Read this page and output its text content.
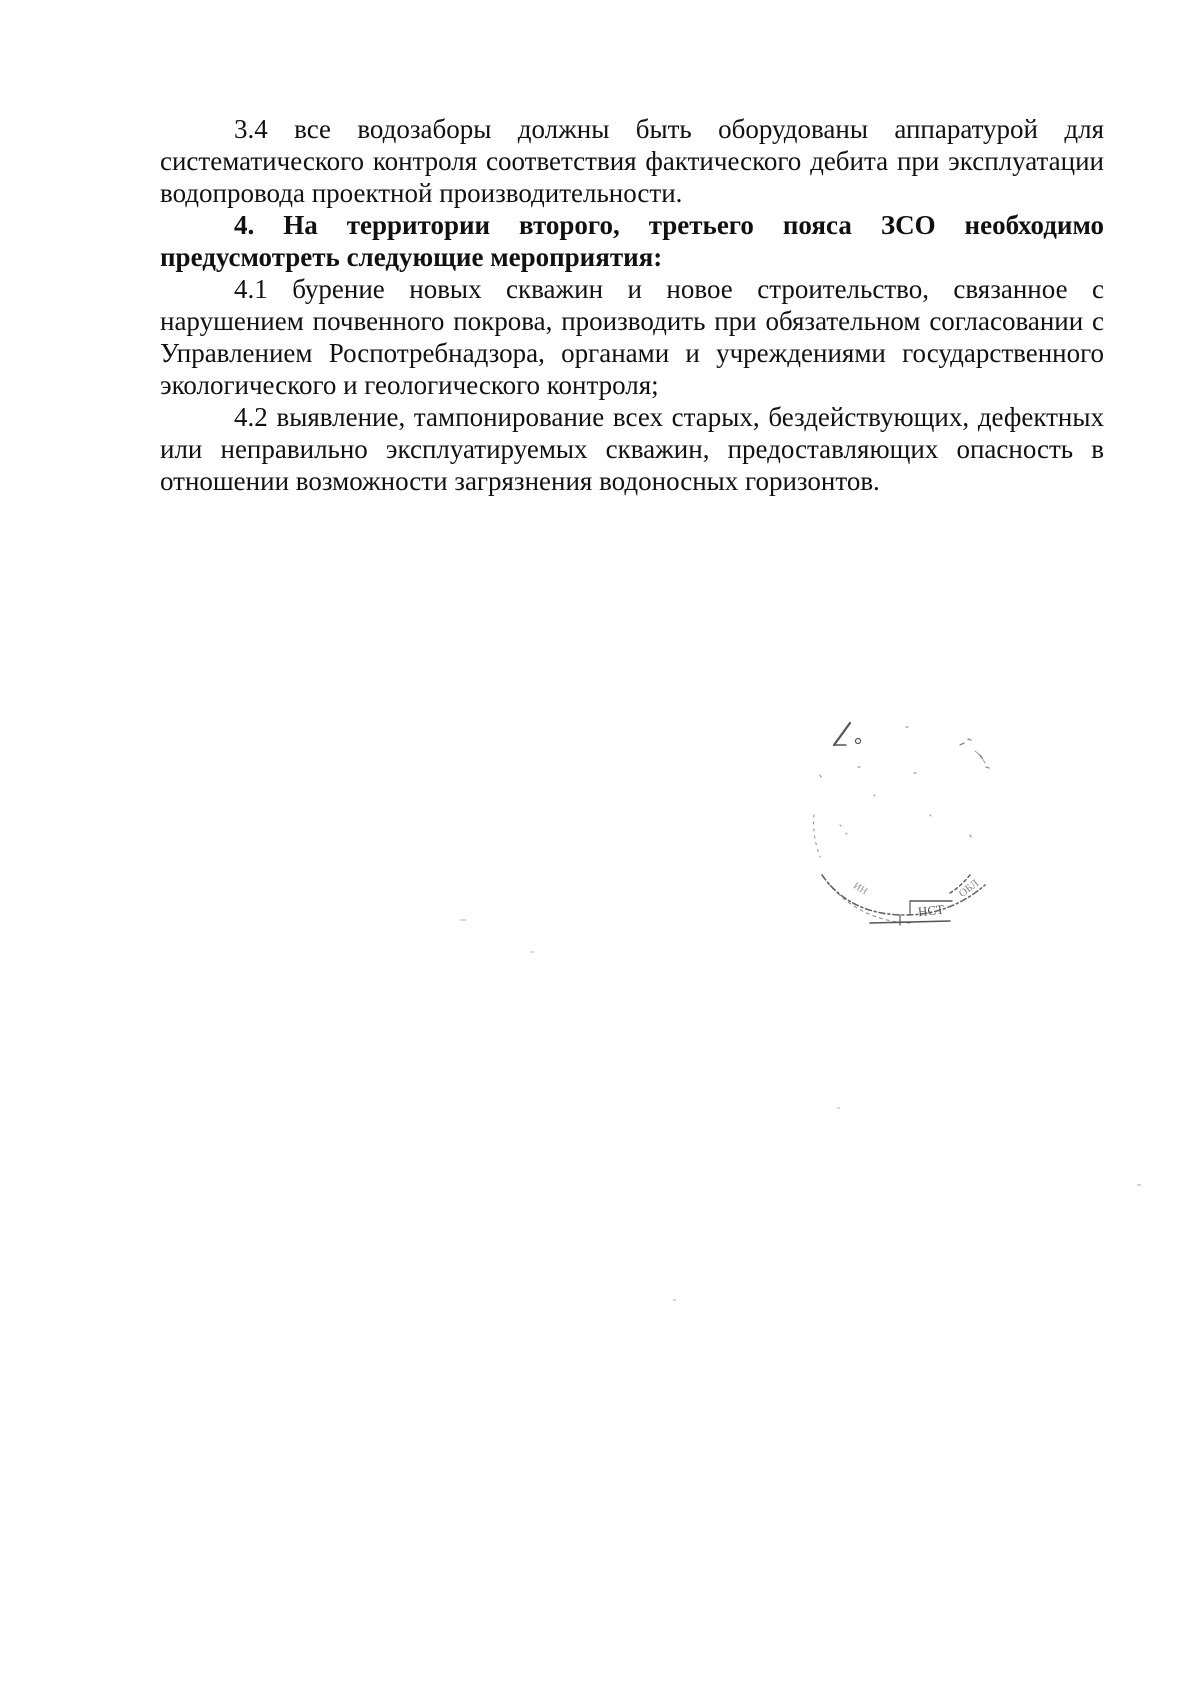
3.4 все водозаборы должны быть оборудованы аппаратурой для систематического контроля соответствия фактического дебита при эксплуатации водопровода проектной производительности.

4. На территории второго, третьего пояса ЗСО необходимо предусмотреть следующие мероприятия:

4.1 бурение новых скважин и новое строительство, связанное с нарушением почвенного покрова, производить при обязательном согласовании с Управлением Роспотребнадзора, органами и учреждениями государственного экологического и геологического контроля;

4.2 выявление, тампонирование всех старых, бездействующих, дефектных или неправильно эксплуатируемых скважин, предоставляющих опасность в отношении возможности загрязнения водоносных горизонтов.

НСТ
ОБЛ
ИН
